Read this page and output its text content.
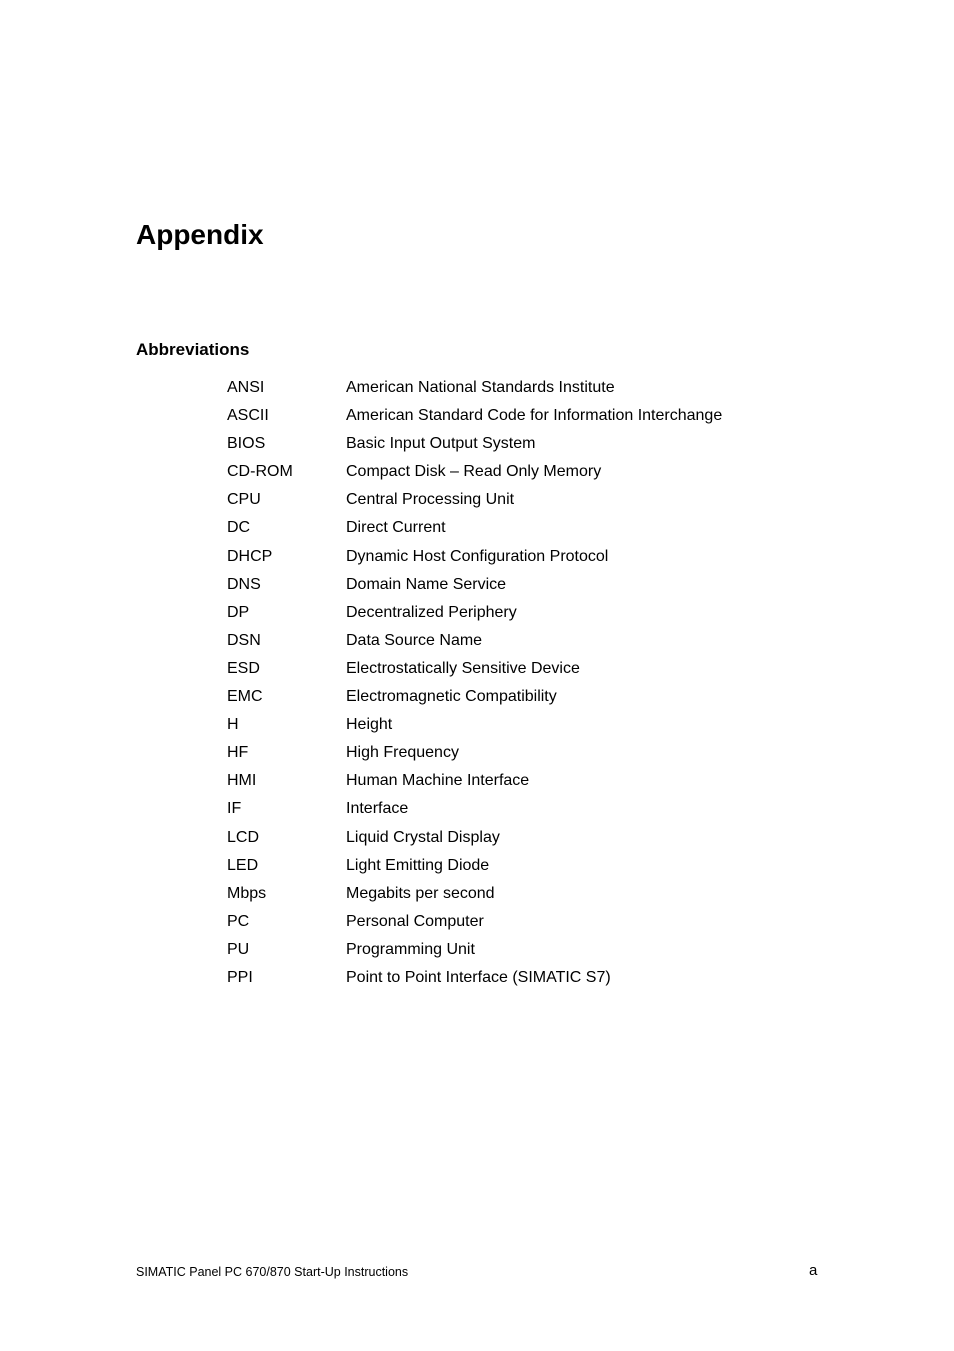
Appendix
Abbreviations
ANSI	American National Standards Institute
ASCII	American Standard Code for Information Interchange
BIOS	Basic Input Output System
CD-ROM	Compact Disk – Read Only Memory
CPU	Central Processing Unit
DC	Direct Current
DHCP	Dynamic Host Configuration Protocol
DNS	Domain Name Service
DP	Decentralized Periphery
DSN	Data Source Name
ESD	Electrostatically Sensitive Device
EMC	Electromagnetic Compatibility
H	Height
HF	High Frequency
HMI	Human Machine Interface
IF	Interface
LCD	Liquid Crystal Display
LED	Light Emitting Diode
Mbps	Megabits per second
PC	Personal Computer
PU	Programming Unit
PPI	Point to Point Interface (SIMATIC S7)
SIMATIC Panel PC 670/870 Start-Up Instructions	a
